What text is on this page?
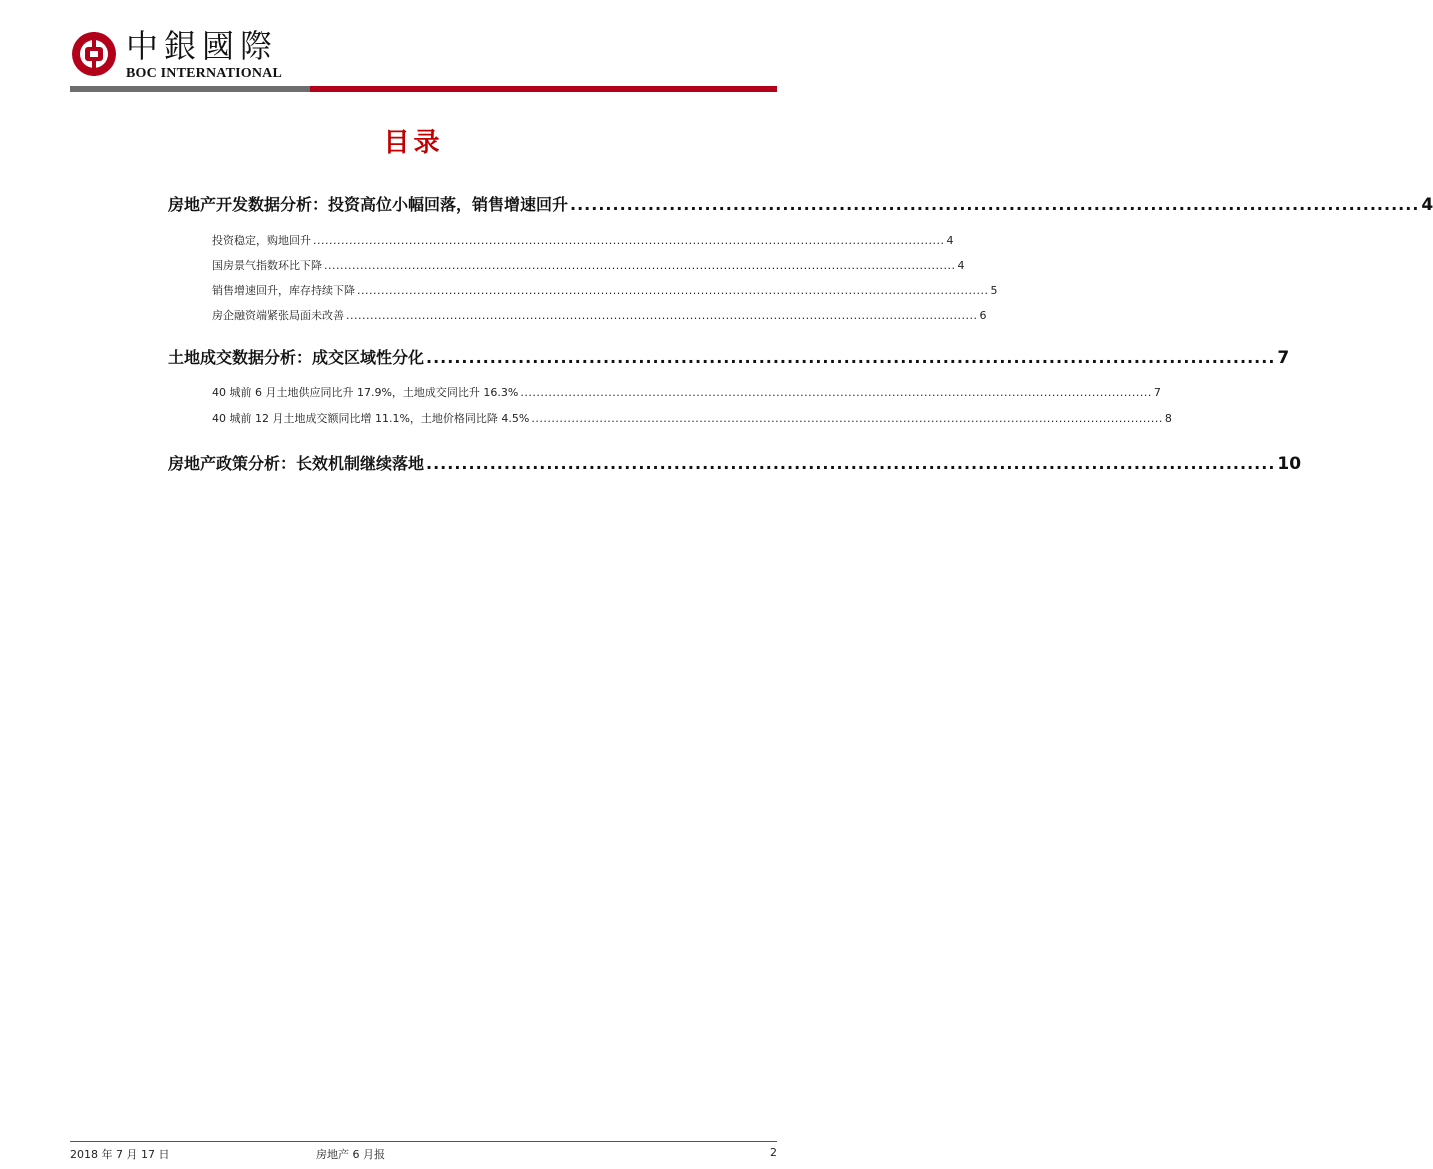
中銀國際
BOC INTERNATIONAL
目录
房地产开发数据分析：投资高位小幅回落，销售增速回升 ........................................................................................................................ 4
投资稳定，购地回升 .............................................................................................................................................................. 4
国房景气指数环比下降 .............................................................................................................................................................. 4
销售增速回升，库存持续下降 .............................................................................................................................................................. 5
房企融资端紧张局面未改善 .............................................................................................................................................................. 6
土地成交数据分析：成交区域性分化 ........................................................................................................................ 7
40 城前 6 月土地供应同比升 17.9%，土地成交同比升 16.3% .............................................................................................................................................................. 7
40 城前 12 月土地成交额同比增 11.1%，土地价格同比降 4.5% .............................................................................................................................................................. 8
房地产政策分析：长效机制继续落地 ........................................................................................................................ 10
2018 年 7 月 17 日	房地产 6 月报	2
